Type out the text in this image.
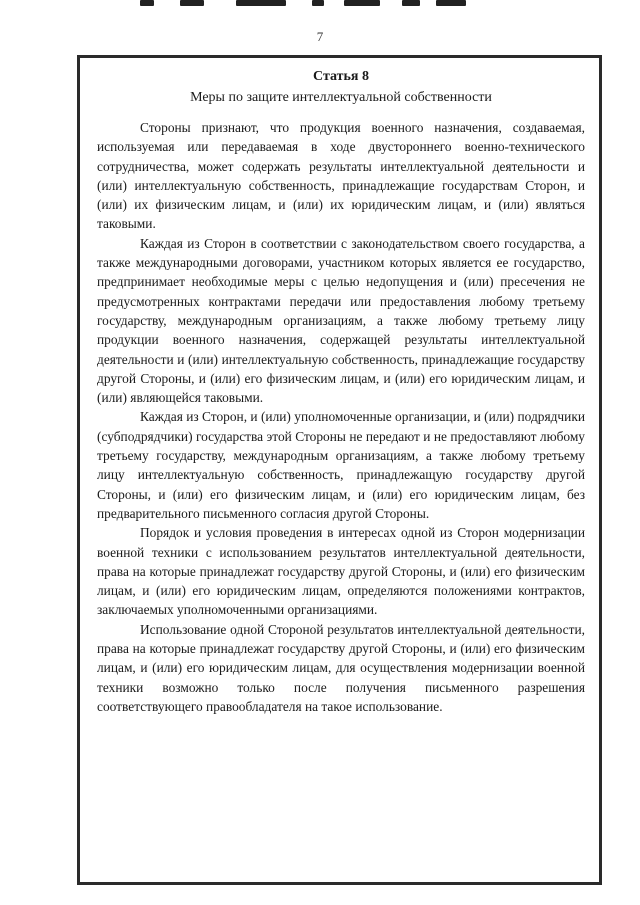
7

Статья 8

Меры по защите интеллектуальной собственности

Стороны признают, что продукция военного назначения, создаваемая, используемая или передаваемая в ходе двустороннего военно-технического сотрудничества, может содержать результаты интеллектуальной деятельности и (или) интеллектуальную собственность, принадлежащие государствам Сторон, и (или) их физическим лицам, и (или) их юридическим лицам, и (или) являться таковыми.

Каждая из Сторон в соответствии с законодательством своего государства, а также международными договорами, участником которых является ее государство, предпринимает необходимые меры с целью недопущения и (или) пресечения не предусмотренных контрактами передачи или предоставления любому третьему государству, международным организациям, а также любому третьему лицу продукции военного назначения, содержащей результаты интеллектуальной деятельности и (или) интеллектуальную собственность, принадлежащие государству другой Стороны, и (или) его физическим лицам, и (или) его юридическим лицам, и (или) являющейся таковыми.

Каждая из Сторон, и (или) уполномоченные организации, и (или) подрядчики (субподрядчики) государства этой Стороны не передают и не предоставляют любому третьему государству, международным организациям, а также любому третьему лицу интеллектуальную собственность, принадлежащую государству другой Стороны, и (или) его физическим лицам, и (или) его юридическим лицам, без предварительного письменного согласия другой Стороны.

Порядок и условия проведения в интересах одной из Сторон модернизации военной техники с использованием результатов интеллектуальной деятельности, права на которые принадлежат государству другой Стороны, и (или) его физическим лицам, и (или) его юридическим лицам, определяются положениями контрактов, заключаемых уполномоченными организациями.

Использование одной Стороной результатов интеллектуальной деятельности, права на которые принадлежат государству другой Стороны, и (или) его физическим лицам, и (или) его юридическим лицам, для осуществления модернизации военной техники возможно только после получения письменного разрешения соответствующего правообладателя на такое использование.
